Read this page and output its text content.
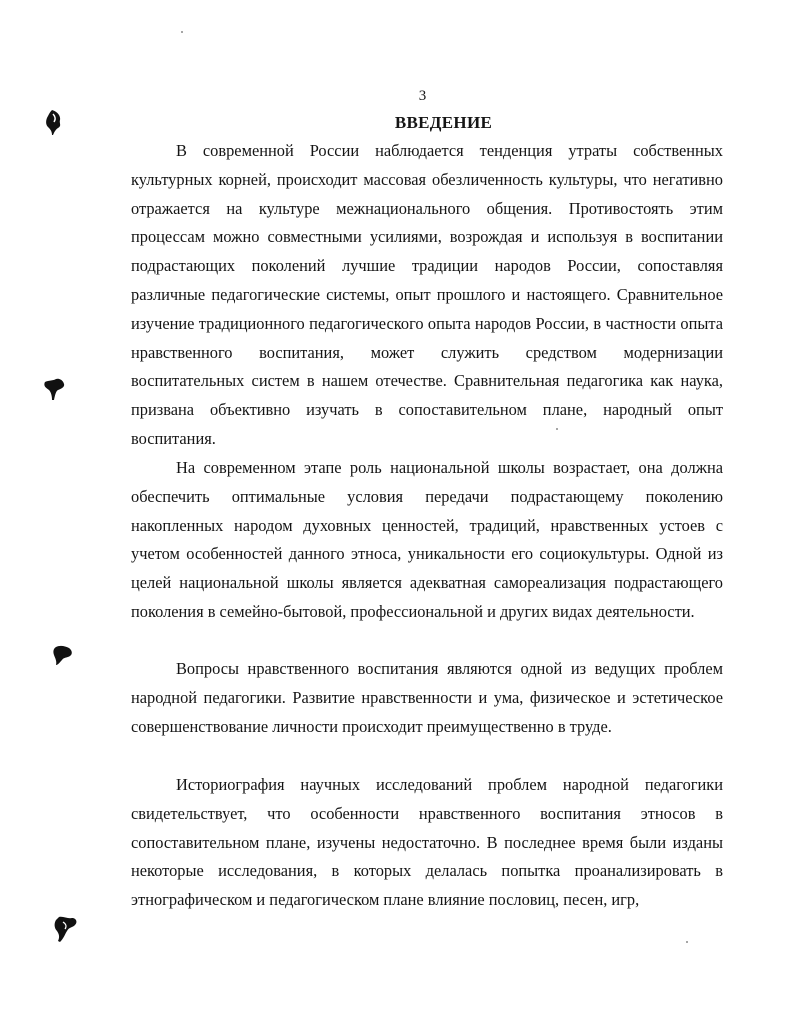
3
ВВЕДЕНИЕ

В современной России наблюдается тенденция утраты собственных культурных корней, происходит массовая обезличенность культуры, что негативно отражается на культуре межнационального общения. Противостоять этим процессам можно совместными усилиями, возрождая и используя в воспитании подрастающих поколений лучшие традиции народов России, сопоставляя различные педагогические системы, опыт прошлого и настоящего. Сравнительное изучение традиционного педагогического опыта народов России, в частности опыта нравственного воспитания, может служить средством модернизации воспитательных систем в нашем отечестве. Сравнительная педагогика как наука, призвана объективно изучать в сопоставительном плане, народный опыт воспитания.

На современном этапе роль национальной школы возрастает, она должна обеспечить оптимальные условия передачи подрастающему поколению накопленных народом духовных ценностей, традиций, нравственных устоев с учетом особенностей данного этноса, уникальности его социокультуры. Одной из целей национальной школы является адекватная самореализация подрастающего поколения в семейно-бытовой, профессиональной и других видах деятельности.

Вопросы нравственного воспитания являются одной из ведущих проблем народной педагогики. Развитие нравственности и ума, физическое и эстетическое совершенствование личности происходит преимущественно в труде.

Историография научных исследований проблем народной педагогики свидетельствует, что особенности нравственного воспитания этносов в сопоставительном плане, изучены недостаточно. В последнее время были изданы некоторые исследования, в которых делалась попытка проанализировать в этнографическом и педагогическом плане влияние пословиц, песен, игр,
